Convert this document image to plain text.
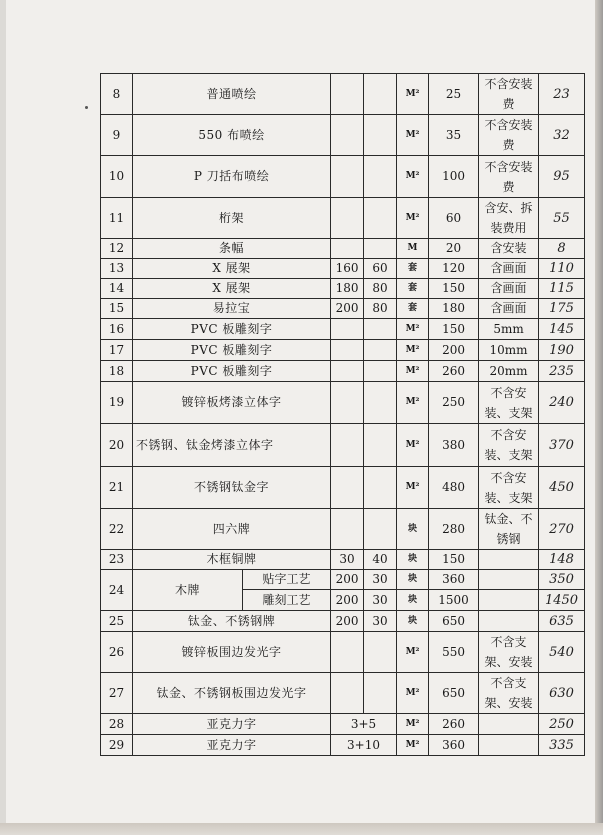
8	普通喷绘				M²	25	不含安装费	23
9	550 布喷绘				M²	35	不含安装费	32
10	P 刀括布喷绘				M²	100	不含安装费	95
11	桁架				M²	60	含安、拆装费用	55
12	条幅				M	20	含安装	8
13	X 展架		160	60	套	120	含画面	110
14	X 展架		180	80	套	150	含画面	115
15	易拉宝		200	80	套	180	含画面	175
16	PVC 板雕刻字				M²	150	5mm	145
17	PVC 板雕刻字				M²	200	10mm	190
18	PVC 板雕刻字				M²	260	20mm	235
19	镀锌板烤漆立体字				M²	250	不含安装、支架	240
20	不锈钢、钛金烤漆立体字				M²	380	不含安装、支架	370
21	不锈钢钛金字				M²	480	不含安装、支架	450
22	四六牌				块	280	钛金、不锈钢	270
23	木框铜牌		30	40	块	150		148
24	木牌	贴字工艺	200	30	块	360		350
		雕刻工艺	200	30	块	1500		1450
25	钛金、不锈钢牌		200	30	块	650		635
26	镀锌板围边发光字				M²	550	不含支架、安装	540
27	钛金、不锈钢板围边发光字				M²	650	不含支架、安装	630
28	亚克力字		3+5		M²	260		250
29	亚克力字		3+10		M²	360		335
